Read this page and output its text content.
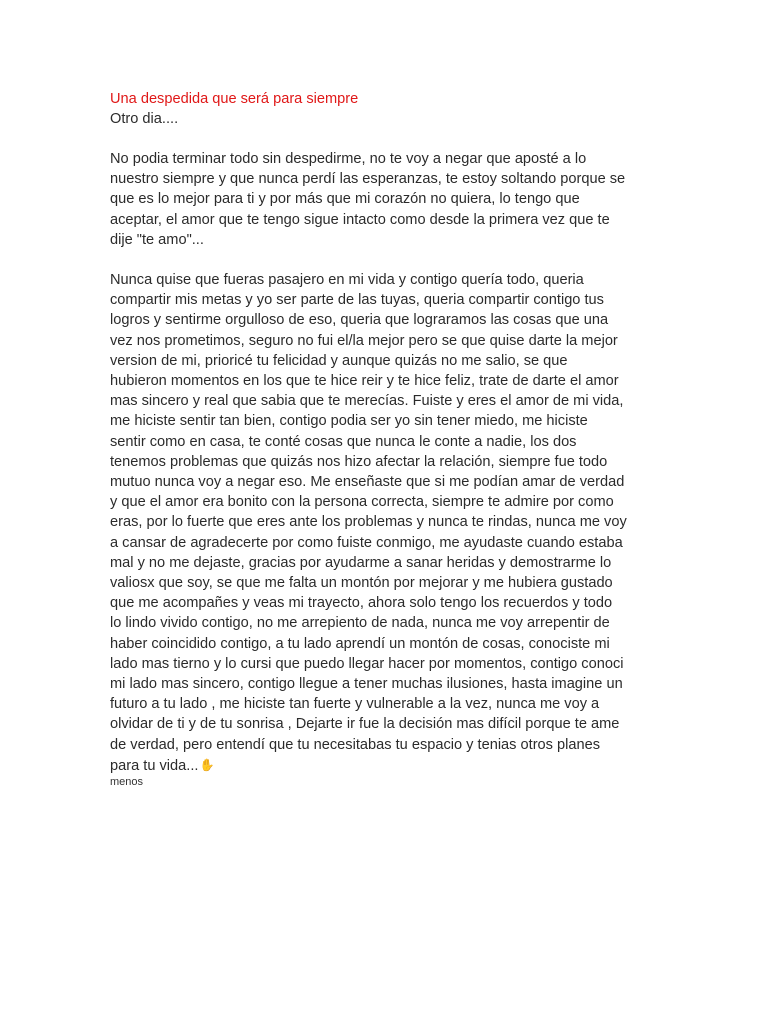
Una despedida que será para siempre

Otro dia....

No podia terminar todo sin despedirme, no te voy a negar que aposté a lo
nuestro siempre y que nunca perdí las esperanzas, te estoy soltando porque se
que es lo mejor para ti y por más que mi corazón no quiera, lo tengo que
aceptar, el amor que te tengo sigue intacto como desde la primera vez que te
dije "te amo"...
Nunca quise que fueras pasajero en mi vida y contigo quería todo, queria
compartir mis metas y yo ser parte de las tuyas, queria compartir contigo tus
logros y sentirme orgulloso de eso, queria que lograramos las cosas que una
vez nos prometimos, seguro no fui el/la mejor pero se que quise darte la mejor
version de mi, prioricé tu felicidad y aunque quizás no me salio, se que
hubieron momentos en los que te hice reir y te hice feliz, trate de darte el amor
mas sincero y real que sabia que te merecías. Fuiste y eres el amor de mi vida,
me hiciste sentir tan bien, contigo podia ser yo sin tener miedo, me hiciste
sentir como en casa, te conté cosas que nunca le conte a nadie, los dos
tenemos problemas que quizás nos hizo afectar la relación, siempre fue todo
mutuo nunca voy a negar eso. Me enseñaste que si me podían amar de verdad
y que el amor era bonito con la persona correcta, siempre te admire por como
eras, por lo fuerte que eres ante los problemas y nunca te rindas, nunca me voy
a cansar de agradecerte por como fuiste conmigo, me ayudaste cuando estaba
mal y no me dejaste, gracias por ayudarme a sanar heridas y demostrarme lo
valiosx que soy, se que me falta un montón por mejorar y me hubiera gustado
que me acompañes y veas mi trayecto, ahora solo tengo los recuerdos y todo
lo lindo vivido contigo, no me arrepiento de nada, nunca me voy arrepentir de
haber coincidido contigo, a tu lado aprendí un montón de cosas, conociste mi
lado mas tierno y lo cursi que puedo llegar hacer por momentos, contigo conoci
mi lado mas sincero, contigo llegue a tener muchas ilusiones, hasta imagine un
futuro a tu lado , me hiciste tan fuerte y vulnerable a la vez, nunca me voy a
olvidar de ti y de tu sonrisa , Dejarte ir fue la decisión mas difícil porque te ame
de verdad, pero entendí que tu necesitabas tu espacio y tenias otros planes
para tu vida...✋

menos
